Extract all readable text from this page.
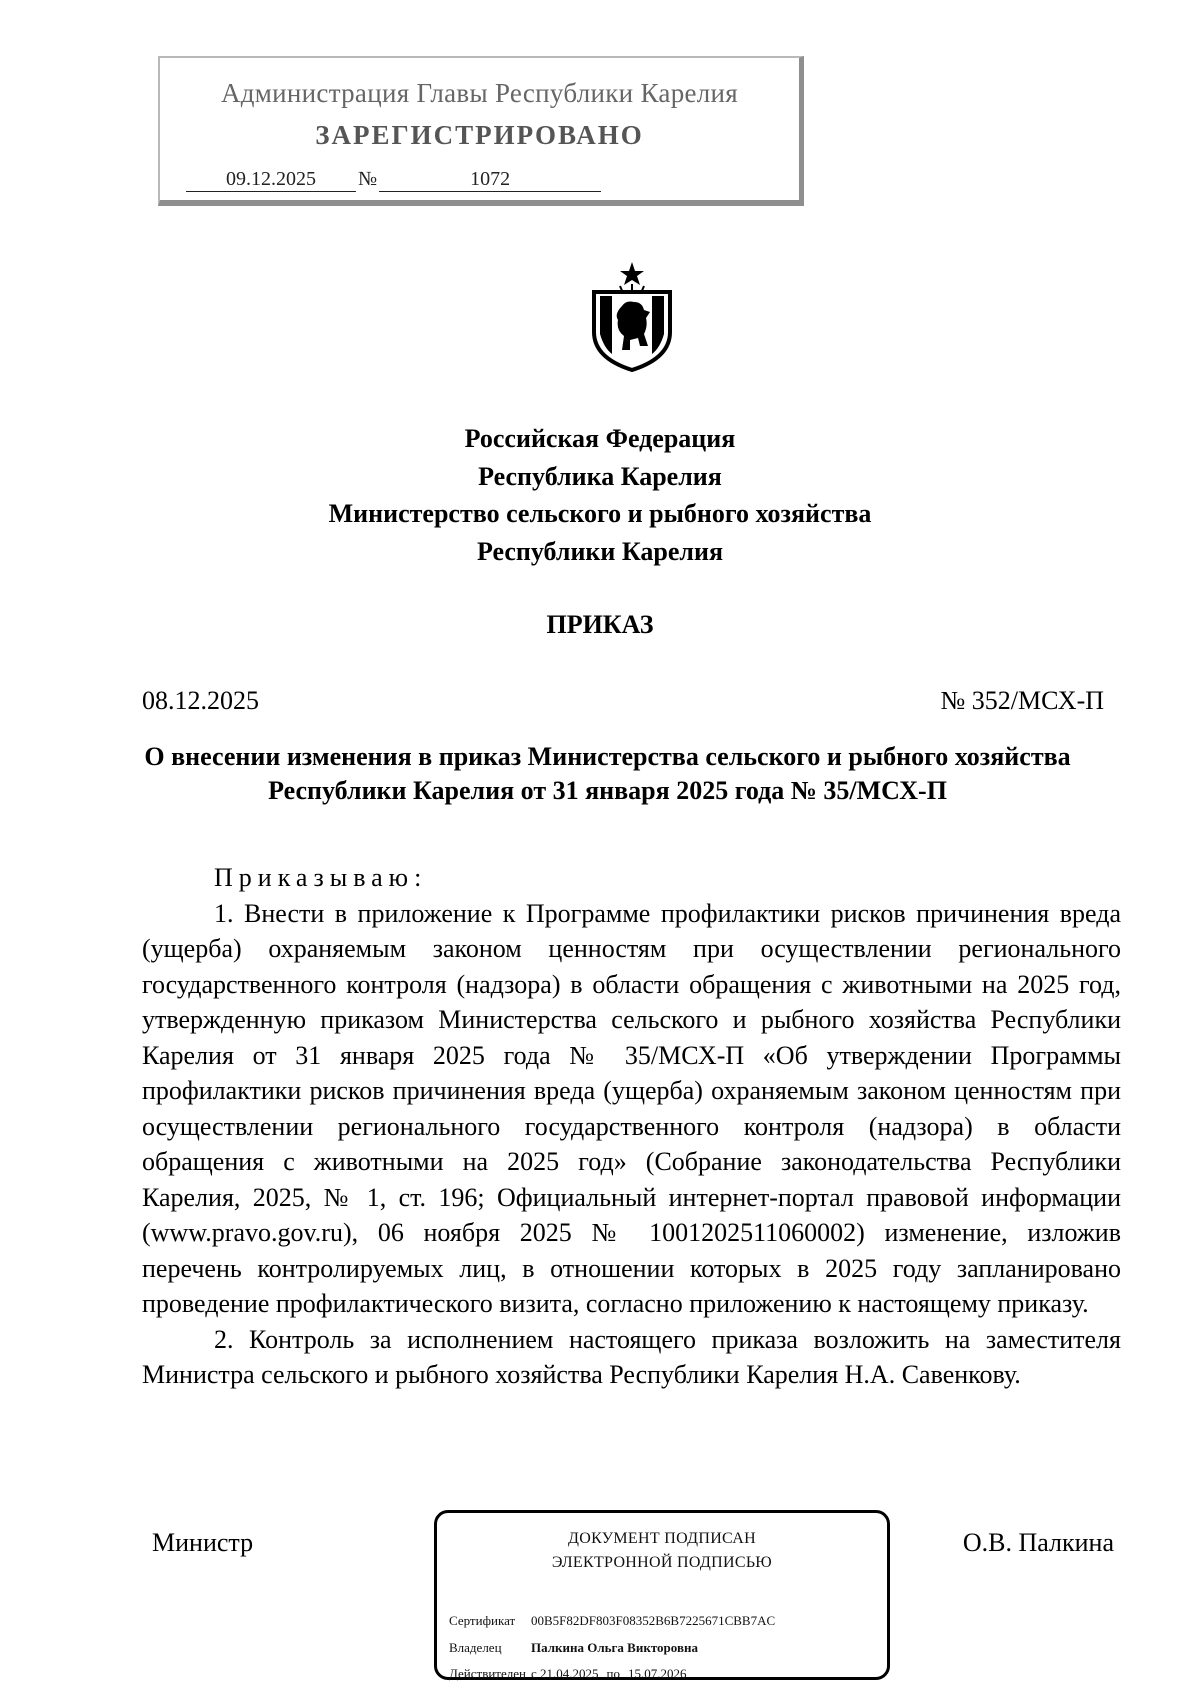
Администрация Главы Республики Карелия
ЗАРЕГИСТРИРОВАНО
09.12.2025 №	1072
Российская Федерация
Республика Карелия
Министерство сельского и рыбного хозяйства
Республики Карелия
ПРИКАЗ
08.12.2025	№ 352/МСХ-П
О внесении изменения в приказ Министерства сельского и рыбного хозяйства Республики Карелия от 31 января 2025 года № 35/МСХ-П

Приказываю:

1. Внести в приложение к Программе профилактики рисков причинения вреда (ущерба) охраняемым законом ценностям при осуществлении регионального государственного контроля (надзора) в области обращения с животными на 2025 год, утвержденную приказом Министерства сельского и рыбного хозяйства Республики Карелия от 31 января 2025 года № 35/МСХ-П «Об утверждении Программы профилактики рисков причинения вреда (ущерба) охраняемым законом ценностям при осуществлении регионального государственного контроля (надзора) в области обращения с животными на 2025 год» (Собрание законодательства Республики Карелия, 2025, № 1, ст. 196; Официальный интернет-портал правовой информации (www.pravo.gov.ru), 06 ноября 2025 № 1001202511060002) изменение, изложив перечень контролируемых лиц, в отношении которых в 2025 году запланировано проведение профилактического визита, согласно приложению к настоящему приказу.

2. Контроль за исполнением настоящего приказа возложить на заместителя Министра сельского и рыбного хозяйства Республики Карелия Н.А. Савенкову.

Министр	О.В. Палкина
ДОКУМЕНТ ПОДПИСАН
ЭЛЕКТРОННОЙ ПОДПИСЬЮ
Сертификат 00B5F82DF803F08352B6B7225671CBB7AC
Владелец Палкина Ольга Викторовна
Действителен с 21.04.2025 по 15.07.2026
